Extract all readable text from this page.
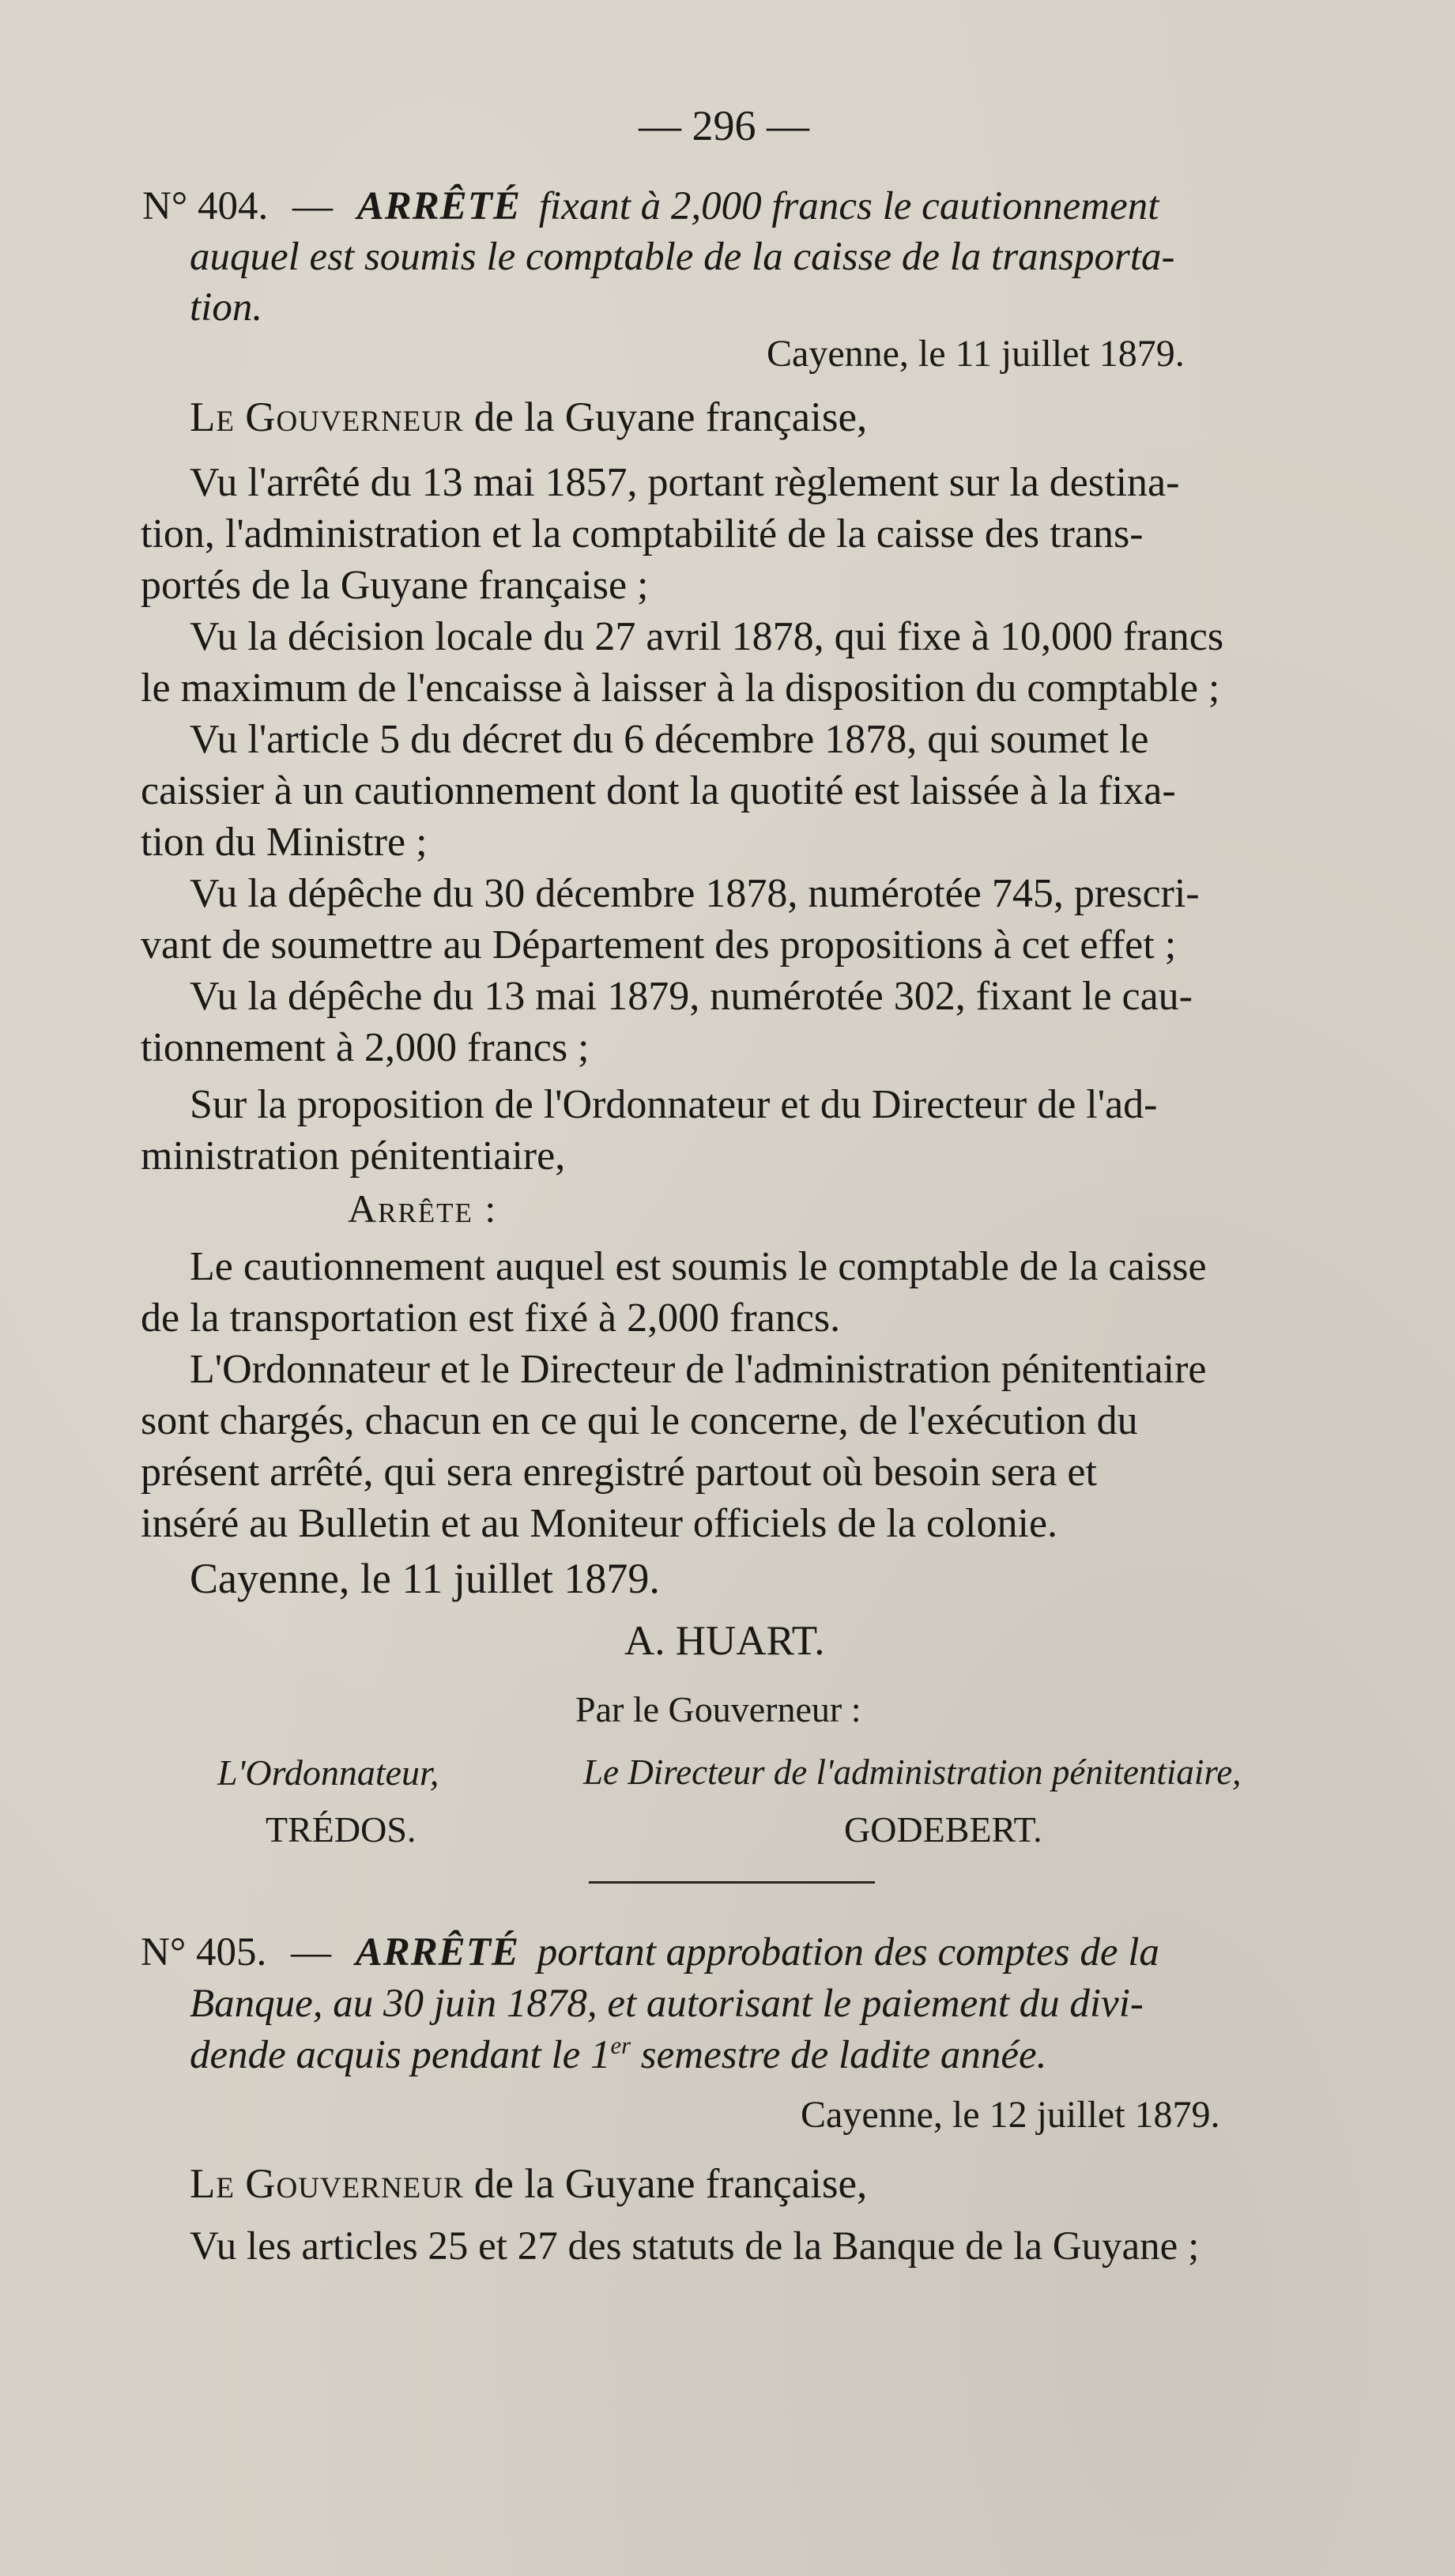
— 296 —
N° 404. — ARRÊTÉ fixant à 2,000 francs le cautionnement
auquel est soumis le comptable de la caisse de la transporta-
tion.
Cayenne, le 11 juillet 1879.
Le Gouverneur de la Guyane française,
Vu l'arrêté du 13 mai 1857, portant règlement sur la destina-
tion, l'administration et la comptabilité de la caisse des trans-
portés de la Guyane française ;
Vu la décision locale du 27 avril 1878, qui fixe à 10,000 francs
le maximum de l'encaisse à laisser à la disposition du comptable ;
Vu l'article 5 du décret du 6 décembre 1878, qui soumet le
caissier à un cautionnement dont la quotité est laissée à la fixa-
tion du Ministre ;
Vu la dépêche du 30 décembre 1878, numérotée 745, prescri-
vant de soumettre au Département des propositions à cet effet ;
Vu la dépêche du 13 mai 1879, numérotée 302, fixant le cau-
tionnement à 2,000 francs ;
Sur la proposition de l'Ordonnateur et du Directeur de l'ad-
ministration pénitentiaire,
Arrête :
Le cautionnement auquel est soumis le comptable de la caisse
de la transportation est fixé à 2,000 francs.
L'Ordonnateur et le Directeur de l'administration pénitentiaire
sont chargés, chacun en ce qui le concerne, de l'exécution du
présent arrêté, qui sera enregistré partout où besoin sera et
inséré au Bulletin et au Moniteur officiels de la colonie.
Cayenne, le 11 juillet 1879.
A. HUART.
Par le Gouverneur :
L'Ordonnateur,	Le Directeur de l'administration pénitentiaire,
TRÉDOS.	GODEBERT.
N° 405. — ARRÊTÉ portant approbation des comptes de la
Banque, au 30 juin 1878, et autorisant le paiement du divi-
dende acquis pendant le 1er semestre de ladite année.
Cayenne, le 12 juillet 1879.
Le Gouverneur de la Guyane française,
Vu les articles 25 et 27 des statuts de la Banque de la Guyane ;
